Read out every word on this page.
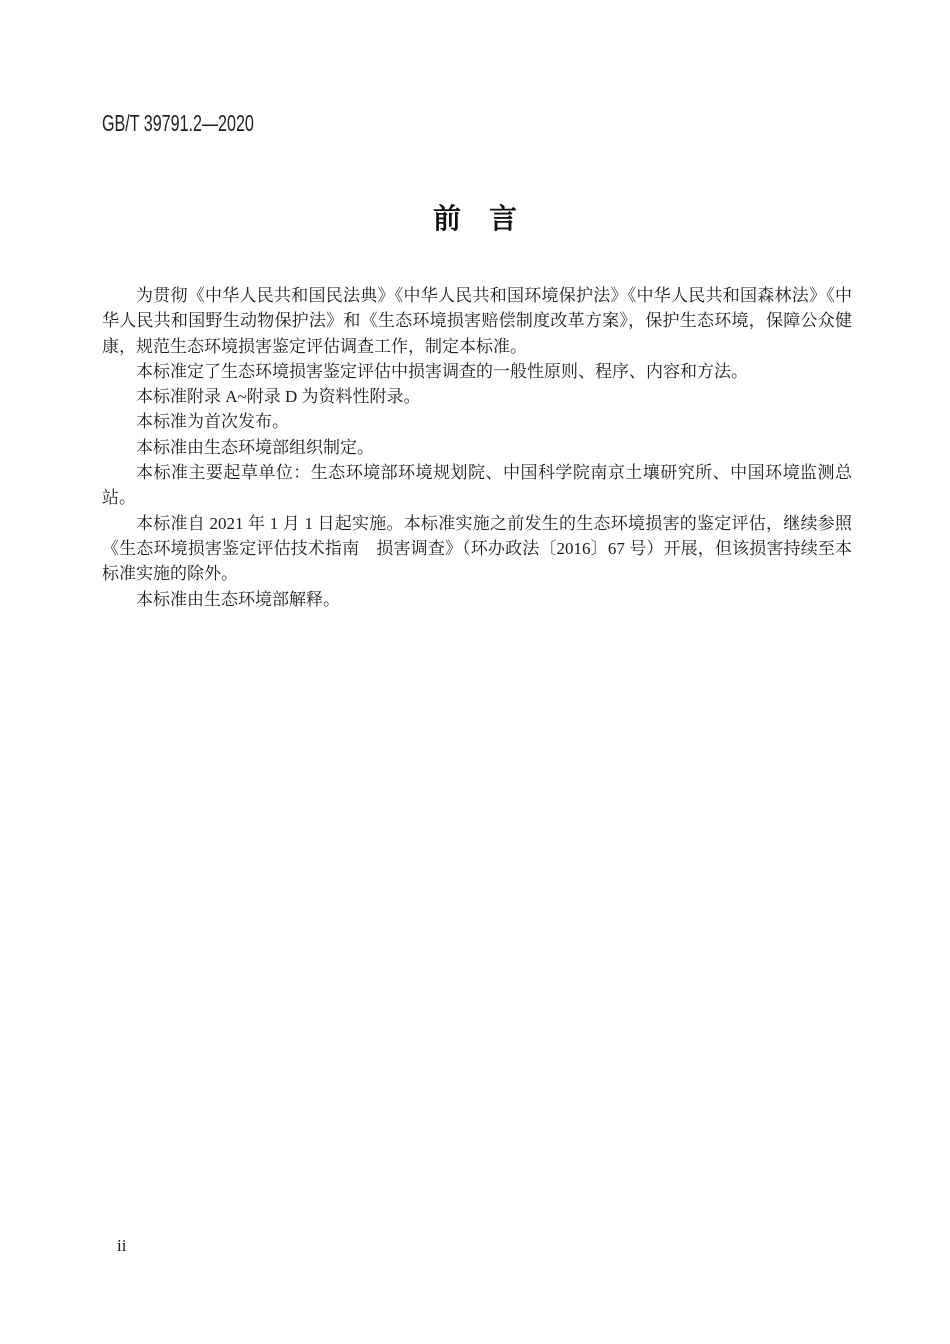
GB/T 39791.2—2020
前　言

为贯彻《中华人民共和国民法典》《中华人民共和国环境保护法》《中华人民共和国森林法》《中华人民共和国野生动物保护法》和《生态环境损害赔偿制度改革方案》，保护生态环境，保障公众健康，规范生态环境损害鉴定评估调查工作，制定本标准。

本标准定了生态环境损害鉴定评估中损害调查的一般性原则、程序、内容和方法。

本标准附录 A~附录 D 为资料性附录。

本标准为首次发布。

本标准由生态环境部组织制定。

本标准主要起草单位：生态环境部环境规划院、中国科学院南京土壤研究所、中国环境监测总站。

本标准自 2021 年 1 月 1 日起实施。本标准实施之前发生的生态环境损害的鉴定评估，继续参照《生态环境损害鉴定评估技术指南　损害调查》（环办政法〔2016〕67 号）开展，但该损害持续至本标准实施的除外。

本标准由生态环境部解释。

ii
